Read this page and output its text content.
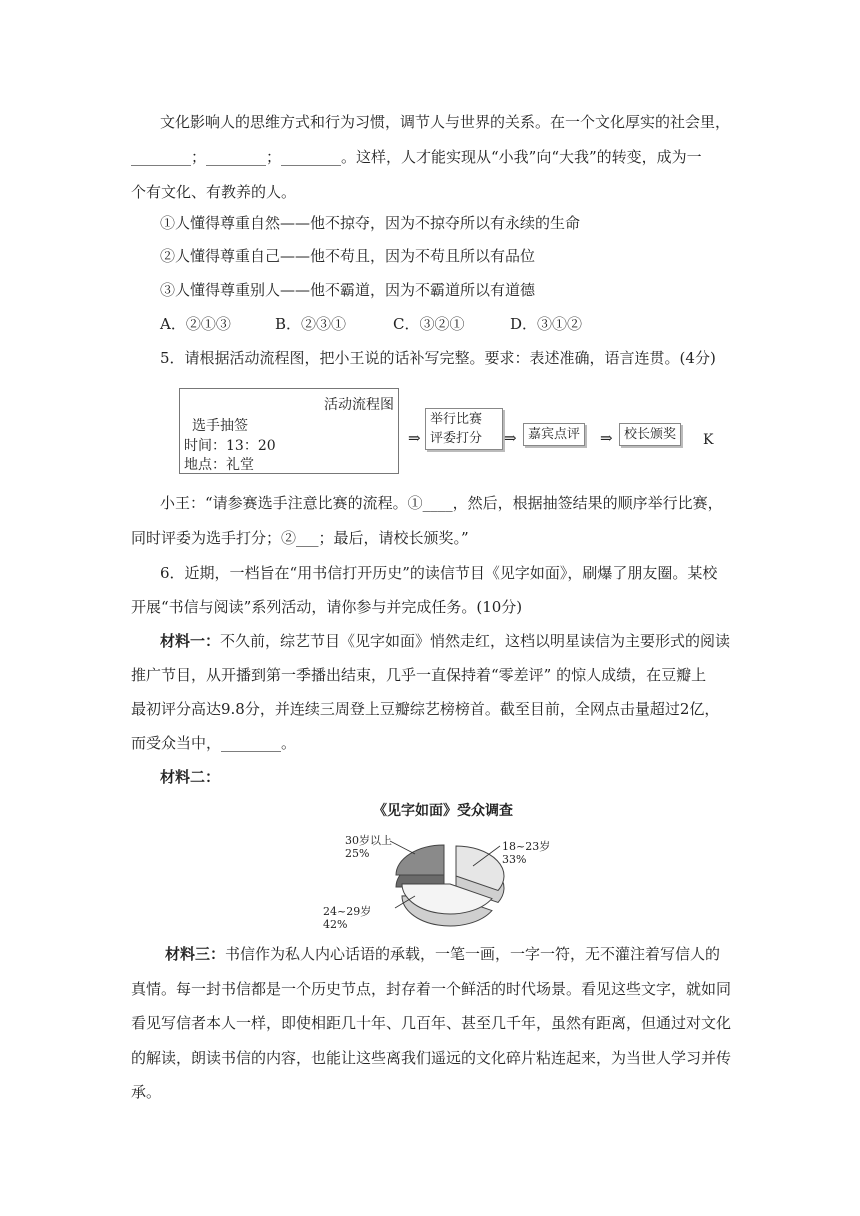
文化影响人的思维方式和行为习惯，调节人与世界的关系。在一个文化厚实的社会里，
________；________；________。这样，人才能实现从“小我”向“大我”的转变，成为一
个有文化、有教养的人。
①人懂得尊重自然——他不掠夺，因为不掠夺所以有永续的生命
②人懂得尊重自己——他不苟且，因为不苟且所以有品位
③人懂得尊重别人——他不霸道，因为不霸道所以有道德
A．②①③	B．②③①	C．③②①	D．③①②
5．请根据活动流程图，把小王说的话补写完整。要求：表述准确，语言连贯。(4分)
活动流程图
选手抽签
时间：13：20
地点：礼堂
⇒
举行比赛
评委打分	⇒ 嘉宾点评	⇒ 校长颁奖	K
小王：“请参赛选手注意比赛的流程。①____，然后，根据抽签结果的顺序举行比赛，
同时评委为选手打分；②___；最后，请校长颁奖。”
6．近期，一档旨在“用书信打开历史”的读信节目《见字如面》，刷爆了朋友圈。某校
开展“书信与阅读”系列活动，请你参与并完成任务。(10分)
材料一： 不久前，综艺节目《见字如面》悄然走红，这档以明星读信为主要形式的阅读
推广节目，从开播到第一季播出结束，几乎一直保持着“零差评” 的惊人成绩，在豆瓣上
最初评分高达9.8分，并连续三周登上豆瓣综艺榜榜首。截至目前，全网点击量超过2亿，
而受众当中，________。
材料二：
《见字如面》受众调查
18~23岁
33%
24~29岁
42%
30岁以上
25%
材料三： 书信作为私人内心话语的承载，一笔一画，一字一符，无不灌注着写信人的
真情。每一封书信都是一个历史节点，封存着一个鲜活的时代场景。看见这些文字，就如同
看见写信者本人一样，即使相距几十年、几百年、甚至几千年，虽然有距离，但通过对文化
的解读，朗读书信的内容，也能让这些离我们遥远的文化碎片粘连起来，为当世人学习并传
承。
